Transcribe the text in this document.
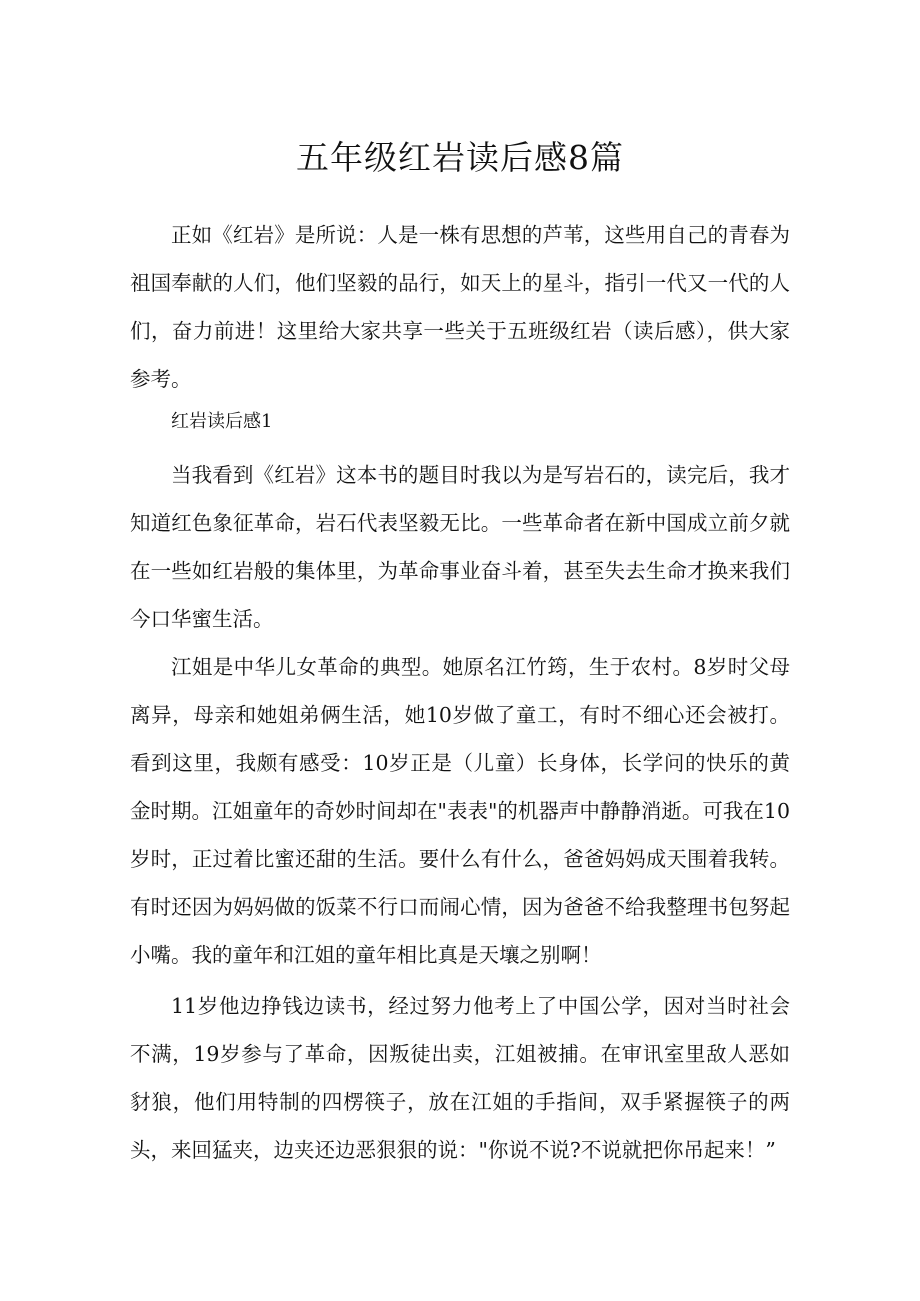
五年级红岩读后感8篇

正如《红岩》是所说：人是一株有思想的芦苇，这些用自己的青春为祖国奉献的人们，他们坚毅的品行，如天上的星斗，指引一代又一代的人们，奋力前进！这里给大家共享一些关于五班级红岩（读后感），供大家参考。

红岩读后感1

当我看到《红岩》这本书的题目时我以为是写岩石的，读完后，我才知道红色象征革命，岩石代表坚毅无比。一些革命者在新中国成立前夕就在一些如红岩般的集体里，为革命事业奋斗着，甚至失去生命才换来我们今口华蜜生活。

江姐是中华儿女革命的典型。她原名江竹筠，生于农村。8岁时父母离异，母亲和她姐弟俩生活，她10岁做了童工，有时不细心还会被打。看到这里，我颇有感受：10岁正是（儿童）长身体，长学问的快乐的黄金时期。江姐童年的奇妙时间却在"表表"的机器声中静静消逝。可我在10岁时，正过着比蜜还甜的生活。要什么有什么，爸爸妈妈成天围着我转。有时还因为妈妈做的饭菜不行口而闹心情，因为爸爸不给我整理书包努起小嘴。我的童年和江姐的童年相比真是天壤之别啊！

11岁他边挣钱边读书，经过努力他考上了中国公学，因对当时社会不满，19岁参与了革命，因叛徒出卖，江姐被捕。在审讯室里敌人恶如豺狼，他们用特制的四楞筷子，放在江姐的手指间，双手紧握筷子的两头，来回猛夹，边夹还边恶狠狠的说："你说不说?不说就把你吊起来！”
